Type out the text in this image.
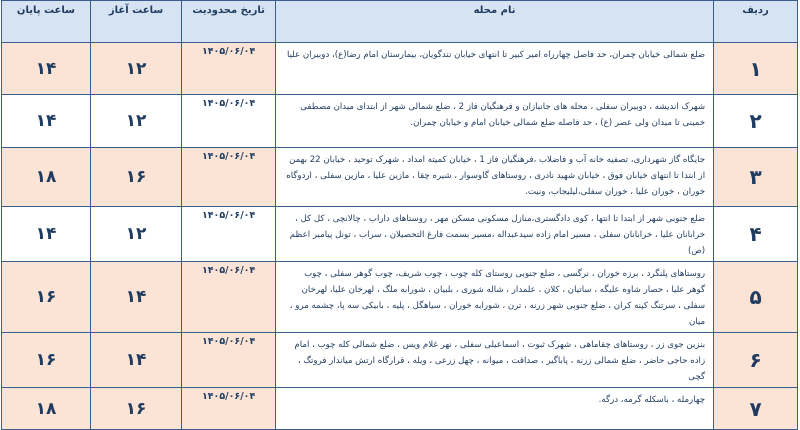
ردیف	نام محله	تاریخ محدودیت	ساعت آغاز	ساعت پایان
۱	ضلع شمالی خیابان چمران، حد فاصل چهارراه امیر کبیر تا انتهای خیابان تندگویان، بیمارستان امام رضا(ع)، دوبیران علیا	۱۴۰۵/۰۶/۰۴	۱۲	۱۴
۲	شهرک اندیشه ، دوبیران سفلی ، محله های جانبازان و فرهنگیان فاز 2 ، ضلع شمالی شهر از ابتدای میدان مصطفی خمینی تا میدان ولی عصر (ع) ، حد فاصله ضلع شمالی خیابان امام و خیابان چمران.	۱۴۰۵/۰۶/۰۴	۱۲	۱۴
۳	جایگاه گاز شهرداری، تصفیه خانه آب و فاضلاب ،فرهنگیان فاز 1 ، خیابان کمیته امداد ، شهرک توحید ، خیابان 22 بهمن از ابتدا تا انتهای خیابان فوق ، خیابان شهید نادری ، روستاهای گاوسوار ، شیره چقا ، مازین علیا ، مازین سفلی ، اردوگاه خوران ، خوران علیا ، خوران سفلی،لیلیجاب، ونیت.	۱۴۰۵/۰۶/۰۴	۱۶	۱۸
۴	ضلع جنوبی شهر از ابتدا تا انتها ، کوی دادگستری،منازل مسکونی مسکن مهر ، روستاهای داراب ، چالانچی ، کل کل ، خرابانان علیا ، خرابانان سفلی ، مسیر امام زاده سیدعبداله ،مسیر بسمت فارغ التحصیلان ، سراب ، تونل پیامبر اعظم (ص)	۱۴۰۵/۰۶/۰۴	۱۲	۱۴
۵	روستاهای پلنگرد ، برزه خوران ، نرگسی ، ضلع جنوبی روستای کله چوب ، چوب شریف، چوب گوهر سفلی ، چوب گوهر علیا ، حصار شاوه علیگه ، ساتیان ، کلان ، علمدار ، شاله شوری ، بلبیان ، شورابه ملگ ، لهرخان علیا، لهرخان سفلی ، سرتنگ کپنه کران ، ضلع جنوبی شهر زرنه ، ترن ، شورابه خوران ، سیاهگل ، پلیه ، بابیکی سه پا، چشمه مرو ، میان	۱۴۰۵/۰۶/۰۴	۱۴	۱۶
۶	بنزین جوی زر ، روستاهای چقاماهی ، شهرک ثبوت ، اسماعیلی سفلی ، نهر غلام ویس ، ضلع شمالی کله چوب ، امام زاده حاجی حاضر ، ضلع شمالی زرنه ، پاباگیر ، صداقت ، میوانه ، چهل زرعی ، ویله ، قرارگاه ارتش میاندار فروتگ ، گچی	۱۴۰۵/۰۶/۰۴	۱۴	۱۶
۷	چهارمله ، باسکله گرمه، درگه.	۱۴۰۵/۰۶/۰۴	۱۶	۱۸
